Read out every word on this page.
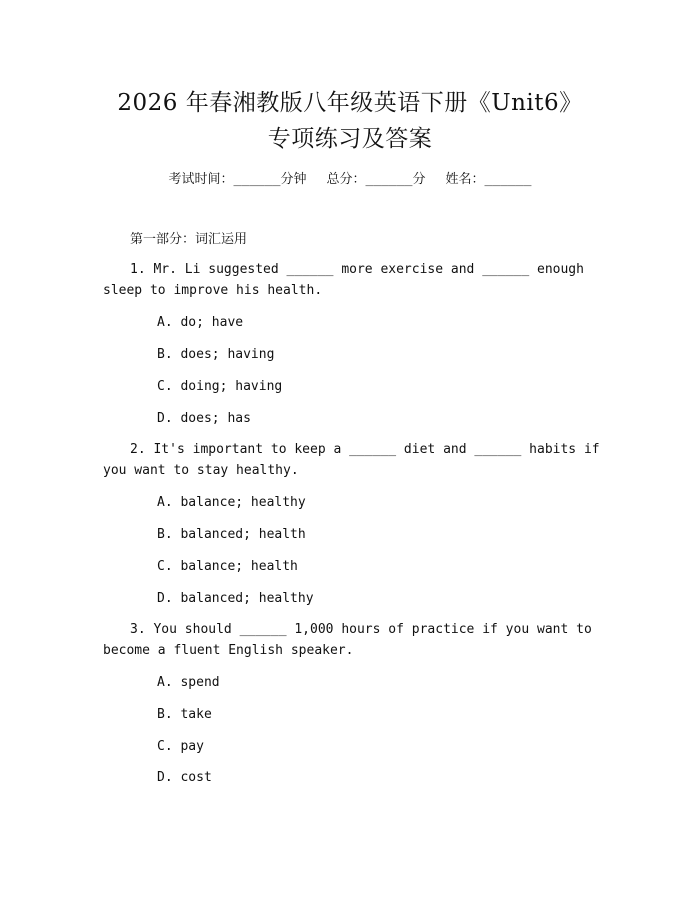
2026 年春湘教版八年级英语下册《Unit6》
专项练习及答案
考试时间：______分钟 总分：______分 姓名：______
第一部分：词汇运用
1. Mr. Li suggested ______ more exercise and ______ enough sleep to improve his health.
A. do; have
B. does; having
C. doing; having
D. does; has
2. It's important to keep a ______ diet and ______ habits if you want to stay healthy.
A. balance; healthy
B. balanced; health
C. balance; health
D. balanced; healthy
3. You should ______ 1,000 hours of practice if you want to become a fluent English speaker.
A. spend
B. take
C. pay
D. cost
